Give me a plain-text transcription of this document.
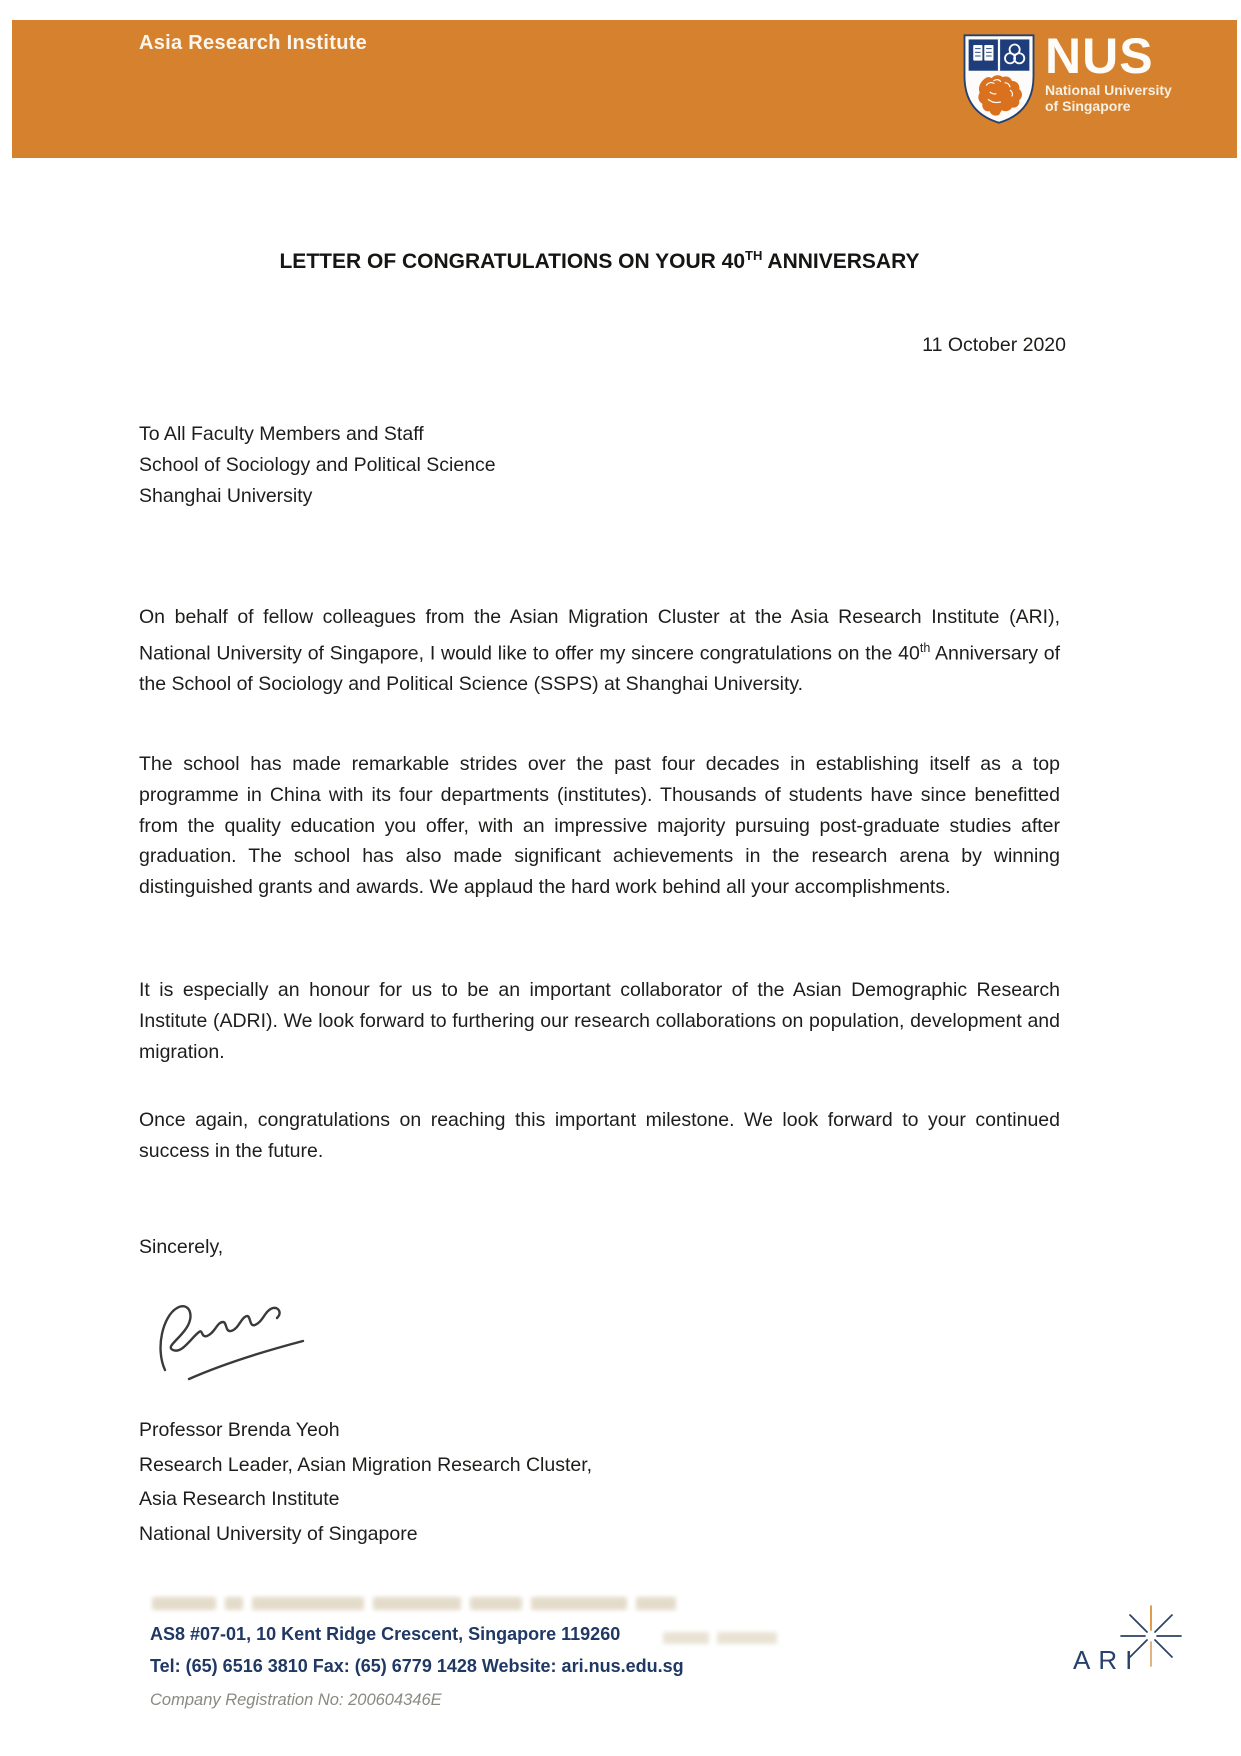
Asia Research Institute	NUS
National University
of Singapore
LETTER OF CONGRATULATIONS ON YOUR 40TH ANNIVERSARY
11 October 2020
To All Faculty Members and Staff
School of Sociology and Political Science
Shanghai University
On behalf of fellow colleagues from the Asian Migration Cluster at the Asia Research Institute (ARI), National University of Singapore, I would like to offer my sincere congratulations on the 40th Anniversary of the School of Sociology and Political Science (SSPS) at Shanghai University.
The school has made remarkable strides over the past four decades in establishing itself as a top programme in China with its four departments (institutes). Thousands of students have since benefitted from the quality education you offer, with an impressive majority pursuing post-graduate studies after graduation. The school has also made significant achievements in the research arena by winning distinguished grants and awards. We applaud the hard work behind all your accomplishments.
It is especially an honour for us to be an important collaborator of the Asian Demographic Research Institute (ADRI). We look forward to furthering our research collaborations on population, development and migration.
Once again, congratulations on reaching this important milestone. We look forward to your continued success in the future.
Sincerely,
Professor Brenda Yeoh
Research Leader, Asian Migration Research Cluster,
Asia Research Institute
National University of Singapore
AS8 #07-01, 10 Kent Ridge Crescent, Singapore 119260
Tel: (65) 6516 3810 Fax: (65) 6779 1428 Website: ari.nus.edu.sg
Company Registration No: 200604346E
ARI
